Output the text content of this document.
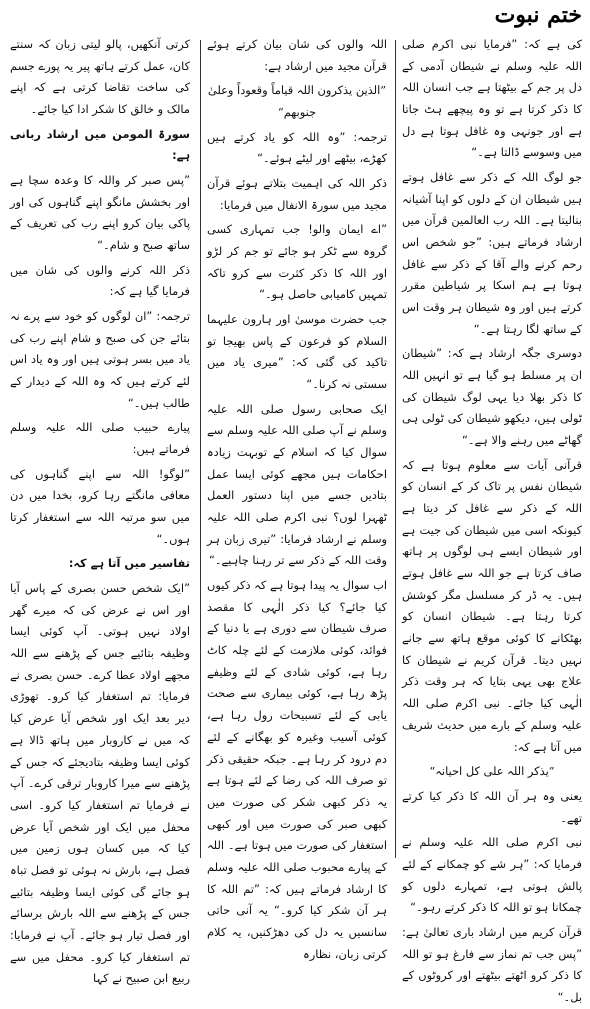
ختم نبوت

کی ہے کہ: ”فرمایا نبی اکرم صلی اللہ علیہ وسلم نے شیطان آدمی کے دل پر جم کے بیٹھتا ہے جب انسان اللہ کا ذکر کرتا ہے تو وہ پیچھے ہٹ جاتا ہے اور جونہی وہ غافل ہوتا ہے دل میں وسوسے ڈالتا ہے۔“

جو لوگ اللہ کے ذکر سے غافل ہوتے ہیں شیطان ان کے دلوں کو اپنا آشیانہ بنالیتا ہے۔ اللہ رب العالمین قرآن میں ارشاد فرماتے ہیں: ”جو شخص اس رحم کرنے والے آقا کے ذکر سے غافل ہوتا ہے ہم اسکا پر شیاطین مقرر کرتے ہیں اور وہ شیطان ہر وقت اس کے ساتھ لگا رہتا ہے۔“

دوسری جگہ ارشاد ہے کہ: ”شیطان ان پر مسلط ہو گیا ہے تو انہیں اللہ کا ذکر بھلا دیا یہی لوگ شیطان کی ٹولی ہیں، دیکھو شیطان کی ٹولی ہی گھاٹے میں رہنے والا ہے۔“

قرآنی آیات سے معلوم ہوتا ہے کہ شیطان نفس پر تاک کر کے انسان کو اللہ کے ذکر سے غافل کر دیتا ہے کیونکہ اسی میں شیطان کی جیت ہے اور شیطان ایسے ہی لوگوں پر ہاتھ صاف کرتا ہے جو اللہ سے غافل ہوتے ہیں۔ یہ ڈر کر مسلسل مگر کوشش کرتا رہتا ہے۔ شیطان انسان کو بھٹکانے کا کوئی موقع ہاتھ سے جانے نہیں دیتا۔ قرآن کریم نے شیطان کا علاج بھی یہی بتایا کہ ہر وقت ذکر الٰہی کیا جائے۔ نبی اکرم صلی اللہ علیہ وسلم کے بارے میں حدیث شریف میں آتا ہے کہ:

”یذکر اللہ علی کل احیانہ“

یعنی وہ ہر آن اللہ کا ذکر کیا کرتے تھے۔

نبی اکرم صلی اللہ علیہ وسلم نے فرمایا کہ: ”ہر شے کو چمکانے کے لئے پالش ہوتی ہے، تمہارے دلوں کو چمکانا ہو تو اللہ کا ذکر کرتے رہو۔“

قرآن کریم میں ارشاد باری تعالیٰ ہے: ”پس جب تم نماز سے فارغ ہو تو اللہ کا ذکر کرو اٹھتے بیٹھتے اور کروٹوں کے بل۔“

اللہ والوں کی شان بیان کرتے ہوئے قرآن مجید میں ارشاد ہے:

”الذین یذکرون اللہ قیاماً وقعوداً وعلیٰ جنوبھم“

ترجمہ: ”وہ اللہ کو یاد کرتے ہیں کھڑے، بیٹھے اور لیٹے ہوئے۔“

ذکر اللہ کی اہمیت بتلاتے ہوئے قرآن مجید میں سورۃ الانفال میں فرمایا:

”اے ایمان والو! جب تمہاری کسی گروہ سے ٹکر ہو جائے تو جم کر لڑو اور اللہ کا ذکر کثرت سے کرو تاکہ تمہیں کامیابی حاصل ہو۔“

جب حضرت موسیٰ اور ہارون علیہما السلام کو فرعون کے پاس بھیجا تو تاکید کی گئی کہ: ”میری یاد میں سستی نہ کرنا۔“

ایک صحابی رسول صلی اللہ علیہ وسلم نے آپ صلی اللہ علیہ وسلم سے سوال کیا کہ اسلام کے توبہت زیادہ احکامات ہیں مجھے کوئی ایسا عمل بتادیں جسے میں اپنا دستور العمل ٹھہرا لوں؟ نبی اکرم صلی اللہ علیہ وسلم نے ارشاد فرمایا: ”تیری زبان ہر وقت اللہ کے ذکر سے تر رہنا چاہیے۔“

اب سوال یہ پیدا ہوتا ہے کہ ذکر کیوں کیا جائے؟ کیا ذکر الٰہی کا مقصد صرف شیطان سے دوری ہے یا دنیا کے فوائد، کوئی ملازمت کے لئے چلہ کاٹ رہا ہے، کوئی شادی کے لئے وظیفے پڑھ رہا ہے، کوئی بیماری سے صحت یابی کے لئے تسبیحات رول رہا ہے، کوئی آسیب وغیرہ کو بھگانے کے لئے دم درود کر رہا ہے۔ جبکہ حقیقی ذکر تو صرف اللہ کی رضا کے لئے ہوتا ہے یہ ذکر کبھی شکر کی صورت میں کبھی صبر کی صورت میں اور کبھی استغفار کی صورت میں ہوتا ہے۔ اللہ کے پیارے محبوب صلی اللہ علیہ وسلم کا ارشاد فرماتے ہیں کہ: ”تم اللہ کا ہر آن شکر کیا کرو۔“ یہ آنی حاتی سانسیں یہ دل کی دھڑکنیں، یہ کلام کرتی زبان، نظارہ

کرتی آنکھیں، پالو لیتی زبان کہ سنتے کان، عمل کرتے ہاتھ پیر یہ پورے جسم کی ساخت تقاضا کرتی ہے کہ اپنے مالک و خالق کا شکر ادا کیا جائے۔

سورۃ المومن میں ارشاد ربانی ہے:

”پس صبر کر واللہ کا وعدہ سچا ہے اور بخشش مانگو اپنے گناہوں کی اور پاکی بیان کرو اپنے رب کی تعریف کے ساتھ صبح و شام۔“

ذکر اللہ کرنے والوں کی شان میں فرمایا گیا ہے کہ:

ترجمہ: ”ان لوگوں کو خود سے پرے نہ بتائے جن کی صبح و شام اپنے رب کی یاد میں بسر ہوتی ہیں اور وہ یاد اس لئے کرتے ہیں کہ وہ اللہ کے دیدار کے طالب ہیں۔“

پیارے حبیب صلی اللہ علیہ وسلم فرماتے ہیں:

”لوگو! اللہ سے اپنے گناہوں کی معافی مانگتے رہا کرو، بخدا میں دن میں سو مرتبہ اللہ سے استغفار کرتا ہوں۔“

تفاسیر میں آتا ہے کہ:

”ایک شخص حسن بصری کے پاس آیا اور اس نے عرض کی کہ میرے گھر اولاد نہیں ہوتی۔ آپ کوئی ایسا وظیفہ بتائیے جس کے پڑھنے سے اللہ مجھے اولاد عطا کرے۔ حسن بصری نے فرمایا: تم استغفار کیا کرو۔ تھوڑی دیر بعد ایک اور شخص آیا عرض کیا کہ میں نے کاروبار میں ہاتھ ڈالا ہے کوئی ایسا وظیفہ بتادیجئے کہ جس کے پڑھنے سے میرا کاروبار ترقی کرے۔ آپ نے فرمایا تم استغفار کیا کرو۔ اسی محفل میں ایک اور شخص آیا عرض کیا کہ میں کسان ہوں زمین میں فصل ہے، بارش نہ ہوئی تو فصل تباہ ہو جائے گی کوئی ایسا وظیفہ بتائیے جس کے پڑھنے سے اللہ بارش برسائے اور فصل تیار ہو جائے۔ آپ نے فرمایا: تم استغفار کیا کرو۔ محفل میں سے ربیع ابن صبیح نے کہا
